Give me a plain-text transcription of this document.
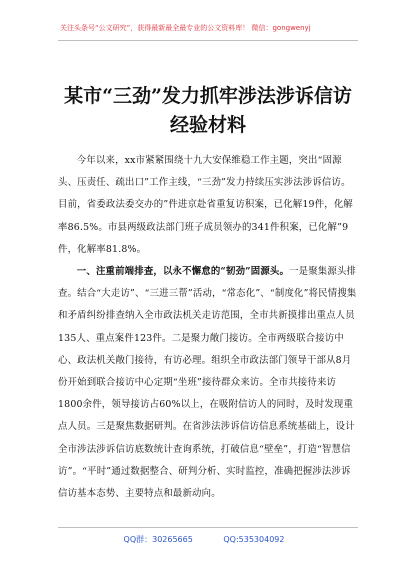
关注头条号“公文研究”，获得最新最全最专业的公文资料库！ 微信：gongwenyj
某市“三劲”发力抓牢涉法涉诉信访经验材料

今年以来，xx市紧紧围绕十九大安保维稳工作主题，突出“固源头、压责任、疏出口”工作主线，“三劲”发力持续压实涉法涉诉信访。目前，省委政法委交办的”件进京赴省重复访积案，已化解19件，化解率86.5%。市县两级政法部门班子成员领办的341件积案，已化解”9件，化解率81.8%。

一、注重前端排查，以永不懈怠的“韧劲”固源头。一是聚集源头排查。结合“大走访”、“三进三帮”活动，“常态化”、“制度化”将民情搜集和矛盾纠纷排查纳入全市政法机关走访范围，全市共新摸排出重点人员135人、重点案件123件。二是聚力敞门接访。全市两级联合接访中心、政法机关敞门接待，有访必理。组织全市政法部门领导干部从8月份开始到联合接访中心定期“坐班”接待群众来访。全市共接待来访1800余件，领导接访占60%以上，在吸附信访人的同时，及时发现重点人员。三是聚焦数据研判。在省涉法涉诉信访信息系统基础上，设计全市涉法涉诉信访底数统计查询系统，打破信息“壁垒”，打造“智慧信访”。“平时”通过数据整合、研判分析、实时监控，准确把握涉法涉诉信访基本态势、主要特点和最新动向。

QQ群：30265665	QQ:535304092
